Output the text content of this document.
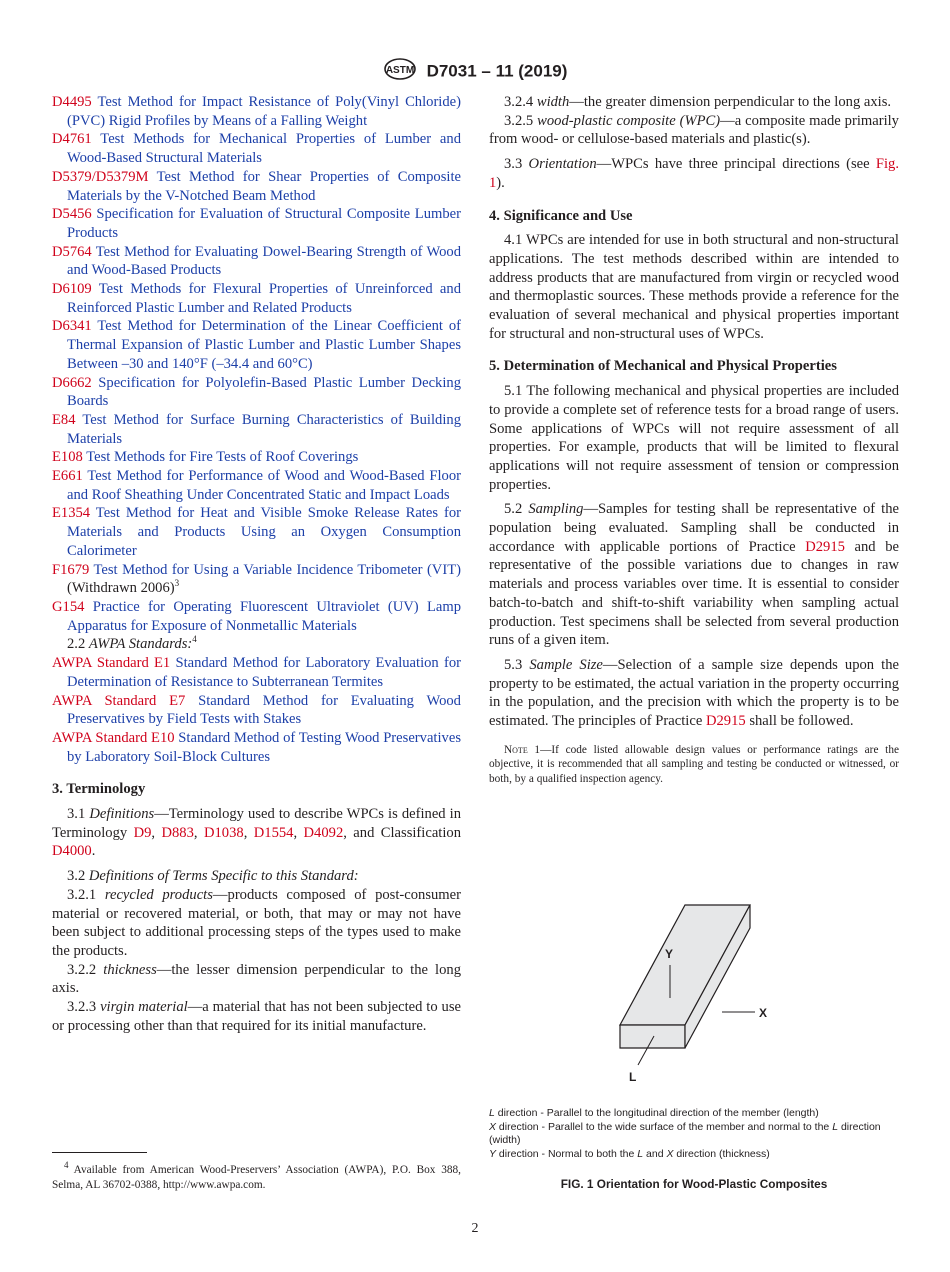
ASTM D7031 – 11 (2019)

D4495 Test Method for Impact Resistance of Poly(Vinyl Chloride) (PVC) Rigid Profiles by Means of a Falling Weight

D4761 Test Methods for Mechanical Properties of Lumber and Wood-Based Structural Materials

D5379/D5379M Test Method for Shear Properties of Composite Materials by the V-Notched Beam Method

D5456 Specification for Evaluation of Structural Composite Lumber Products

D5764 Test Method for Evaluating Dowel-Bearing Strength of Wood and Wood-Based Products

D6109 Test Methods for Flexural Properties of Unreinforced and Reinforced Plastic Lumber and Related Products

D6341 Test Method for Determination of the Linear Coefficient of Thermal Expansion of Plastic Lumber and Plastic Lumber Shapes Between –30 and 140°F (–34.4 and 60°C)

D6662 Specification for Polyolefin-Based Plastic Lumber Decking Boards

E84 Test Method for Surface Burning Characteristics of Building Materials

E108 Test Methods for Fire Tests of Roof Coverings

E661 Test Method for Performance of Wood and Wood-Based Floor and Roof Sheathing Under Concentrated Static and Impact Loads

E1354 Test Method for Heat and Visible Smoke Release Rates for Materials and Products Using an Oxygen Consumption Calorimeter

F1679 Test Method for Using a Variable Incidence Tribometer (VIT) (Withdrawn 2006)$^3$

G154 Practice for Operating Fluorescent Ultraviolet (UV) Lamp Apparatus for Exposure of Nonmetallic Materials

2.2 AWPA Standards:$^4$

AWPA Standard E1 Standard Method for Laboratory Evaluation for Determination of Resistance to Subterranean Termites

AWPA Standard E7 Standard Method for Evaluating Wood Preservatives by Field Tests with Stakes

AWPA Standard E10 Standard Method of Testing Wood Preservatives by Laboratory Soil-Block Cultures

3. Terminology

3.1 Definitions—Terminology used to describe WPCs is defined in Terminology D9, D883, D1038, D1554, D4092, and Classification D4000.

3.2 Definitions of Terms Specific to this Standard:

3.2.1 recycled products—products composed of post-consumer material or recovered material, or both, that may or may not have been subject to additional processing steps of the types used to make the products.

3.2.2 thickness—the lesser dimension perpendicular to the long axis.

3.2.3 virgin material—a material that has not been subjected to use or processing other than that required for its initial manufacture.

$^4$ Available from American Wood-Preservers’ Association (AWPA), P.O. Box 388, Selma, AL 36702-0388, http://www.awpa.com.

3.2.4 width—the greater dimension perpendicular to the long axis.

3.2.5 wood-plastic composite (WPC)—a composite made primarily from wood- or cellulose-based materials and plastic(s).

3.3 Orientation—WPCs have three principal directions (see Fig. 1).

4. Significance and Use

4.1 WPCs are intended for use in both structural and non-structural applications. The test methods described within are intended to address products that are manufactured from virgin or recycled wood and thermoplastic sources. These methods provide a reference for the evaluation of several mechanical and physical properties important for structural and non-structural uses of WPCs.

5. Determination of Mechanical and Physical Properties

5.1 The following mechanical and physical properties are included to provide a complete set of reference tests for a broad range of users. Some applications of WPCs will not require assessment of all properties. For example, products that will be limited to flexural applications will not require assessment of tension or compression properties.

5.2 Sampling—Samples for testing shall be representative of the population being evaluated. Sampling shall be conducted in accordance with applicable portions of Practice D2915 and be representative of the possible variations due to changes in raw materials and process variables over time. It is essential to consider batch-to-batch and shift-to-shift variability when sampling actual production. Test specimens shall be selected from several production runs of a given item.

5.3 Sample Size—Selection of a sample size depends upon the property to be estimated, the actual variation in the property occurring in the population, and the precision with which the property is to be estimated. The principles of Practice D2915 shall be followed.

Note 1—If code listed allowable design values or performance ratings are the objective, it is recommended that all sampling and testing be conducted or witnessed, or both, by a qualified inspection agency.

Y
X
L
L direction - Parallel to the longitudinal direction of the member (length)
X direction - Parallel to the wide surface of the member and normal to the L direction (width)
Y direction - Normal to both the L and X direction (thickness)
FIG. 1 Orientation for Wood-Plastic Composites
2
